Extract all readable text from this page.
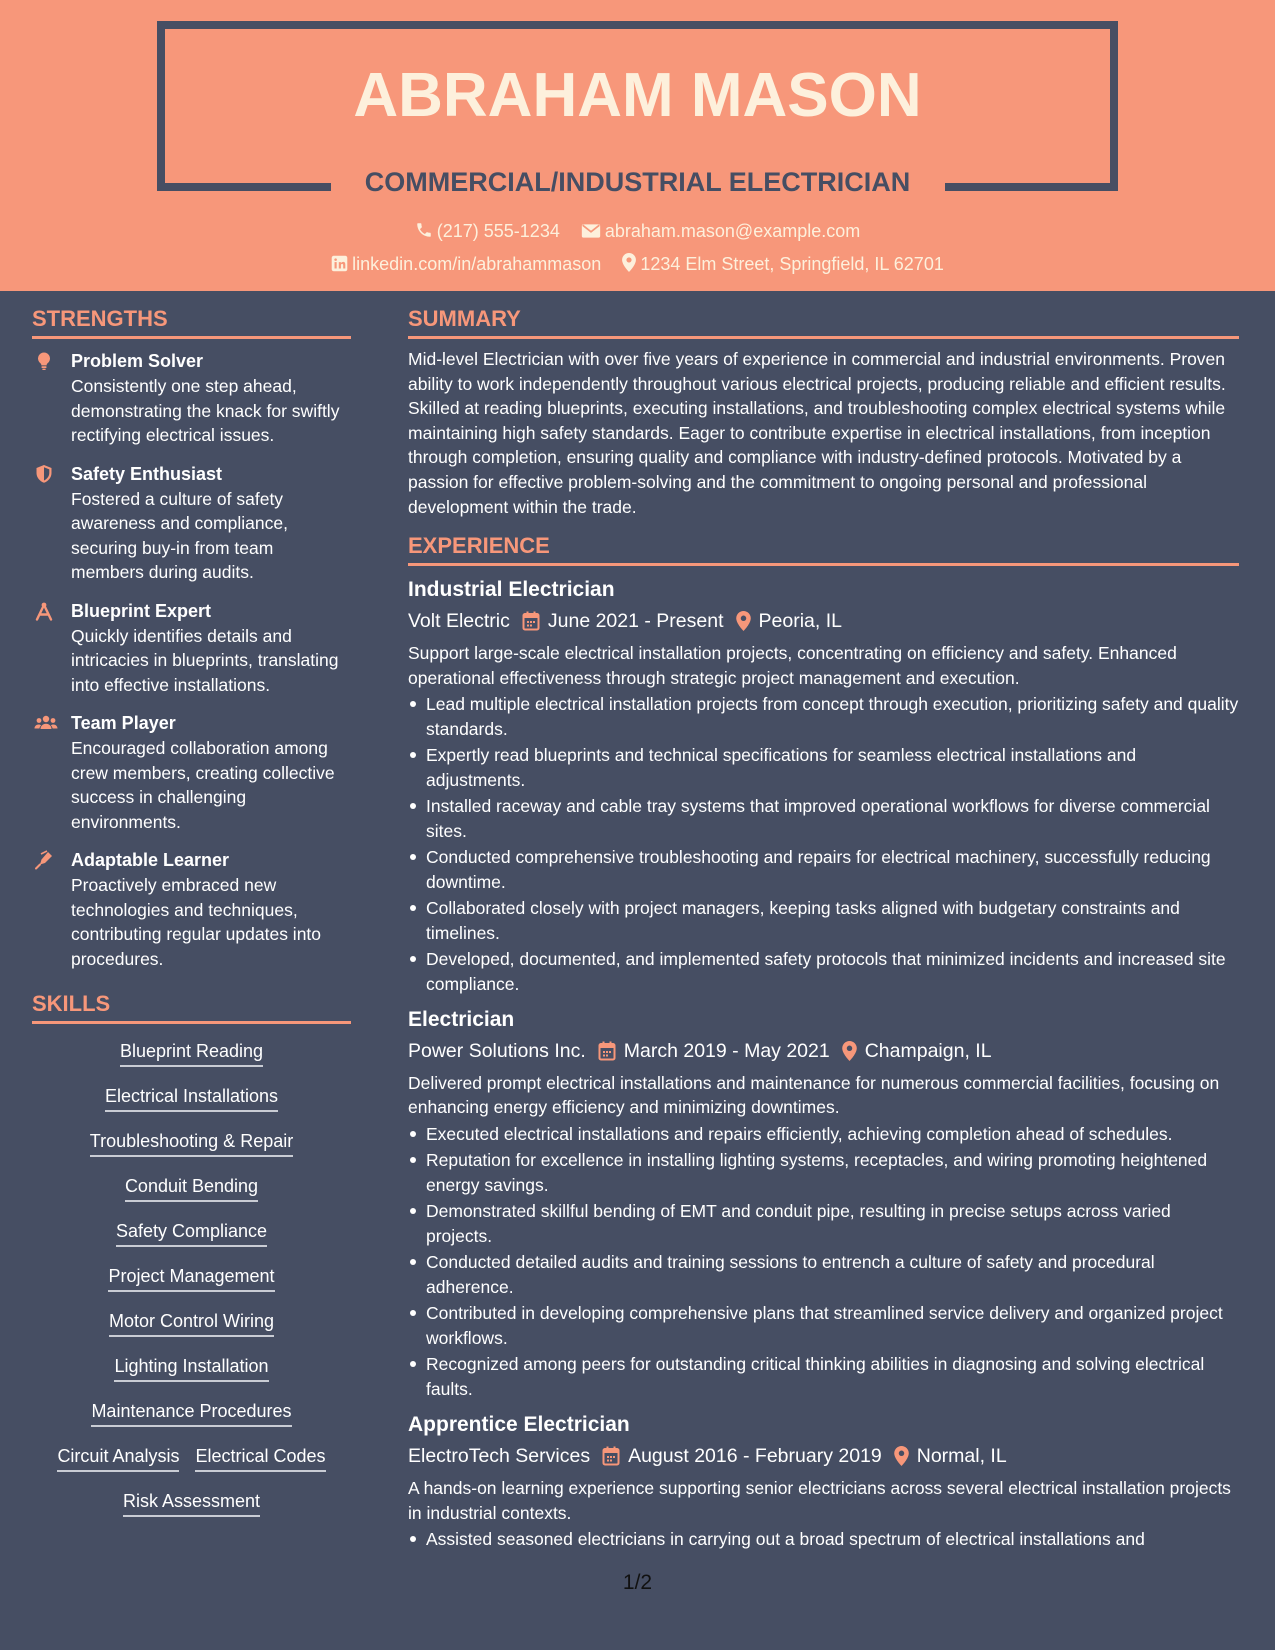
ABRAHAM MASON
COMMERCIAL/INDUSTRIAL ELECTRICIAN
(217) 555-1234	abraham.mason@example.com
linkedin.com/in/abrahammason 1234 Elm Street, Springfield, IL 62701
STRENGTHS
Problem Solver
Consistently one step ahead, demonstrating the knack for swiftly rectifying electrical issues.
Safety Enthusiast
Fostered a culture of safety awareness and compliance, securing buy-in from team members during audits.
Blueprint Expert
Quickly identifies details and intricacies in blueprints, translating into effective installations.
Team Player
Encouraged collaboration among crew members, creating collective success in challenging environments.
Adaptable Learner
Proactively embraced new technologies and techniques, contributing regular updates into procedures.
SKILLS
Blueprint Reading
Electrical Installations
Troubleshooting & Repair
Conduit Bending
Safety Compliance
Project Management
Motor Control Wiring
Lighting Installation
Maintenance Procedures
Circuit Analysis Electrical Codes
Risk Assessment
SUMMARY
Mid-level Electrician with over five years of experience in commercial and industrial environments. Proven ability to work independently throughout various electrical projects, producing reliable and efficient results. Skilled at reading blueprints, executing installations, and troubleshooting complex electrical systems while maintaining high safety standards. Eager to contribute expertise in electrical installations, from inception through completion, ensuring quality and compliance with industry-defined protocols. Motivated by a passion for effective problem-solving and the commitment to ongoing personal and professional development within the trade.
EXPERIENCE
Industrial Electrician
Volt Electric June 2021 - Present Peoria, IL
Support large-scale electrical installation projects, concentrating on efficiency and safety. Enhanced operational effectiveness through strategic project management and execution.
Lead multiple electrical installation projects from concept through execution, prioritizing safety and quality standards.
Expertly read blueprints and technical specifications for seamless electrical installations and adjustments.
Installed raceway and cable tray systems that improved operational workflows for diverse commercial sites.
Conducted comprehensive troubleshooting and repairs for electrical machinery, successfully reducing downtime.
Collaborated closely with project managers, keeping tasks aligned with budgetary constraints and timelines.
Developed, documented, and implemented safety protocols that minimized incidents and increased site compliance.
Electrician
Power Solutions Inc. March 2019 - May 2021 Champaign, IL
Delivered prompt electrical installations and maintenance for numerous commercial facilities, focusing on enhancing energy efficiency and minimizing downtimes.
Executed electrical installations and repairs efficiently, achieving completion ahead of schedules.
Reputation for excellence in installing lighting systems, receptacles, and wiring promoting heightened energy savings.
Demonstrated skillful bending of EMT and conduit pipe, resulting in precise setups across varied projects.
Conducted detailed audits and training sessions to entrench a culture of safety and procedural adherence.
Contributed in developing comprehensive plans that streamlined service delivery and organized project workflows.
Recognized among peers for outstanding critical thinking abilities in diagnosing and solving electrical faults.
Apprentice Electrician
ElectroTech Services August 2016 - February 2019 Normal, IL
A hands-on learning experience supporting senior electricians across several electrical installation projects in industrial contexts.
Assisted seasoned electricians in carrying out a broad spectrum of electrical installations and
1/2
